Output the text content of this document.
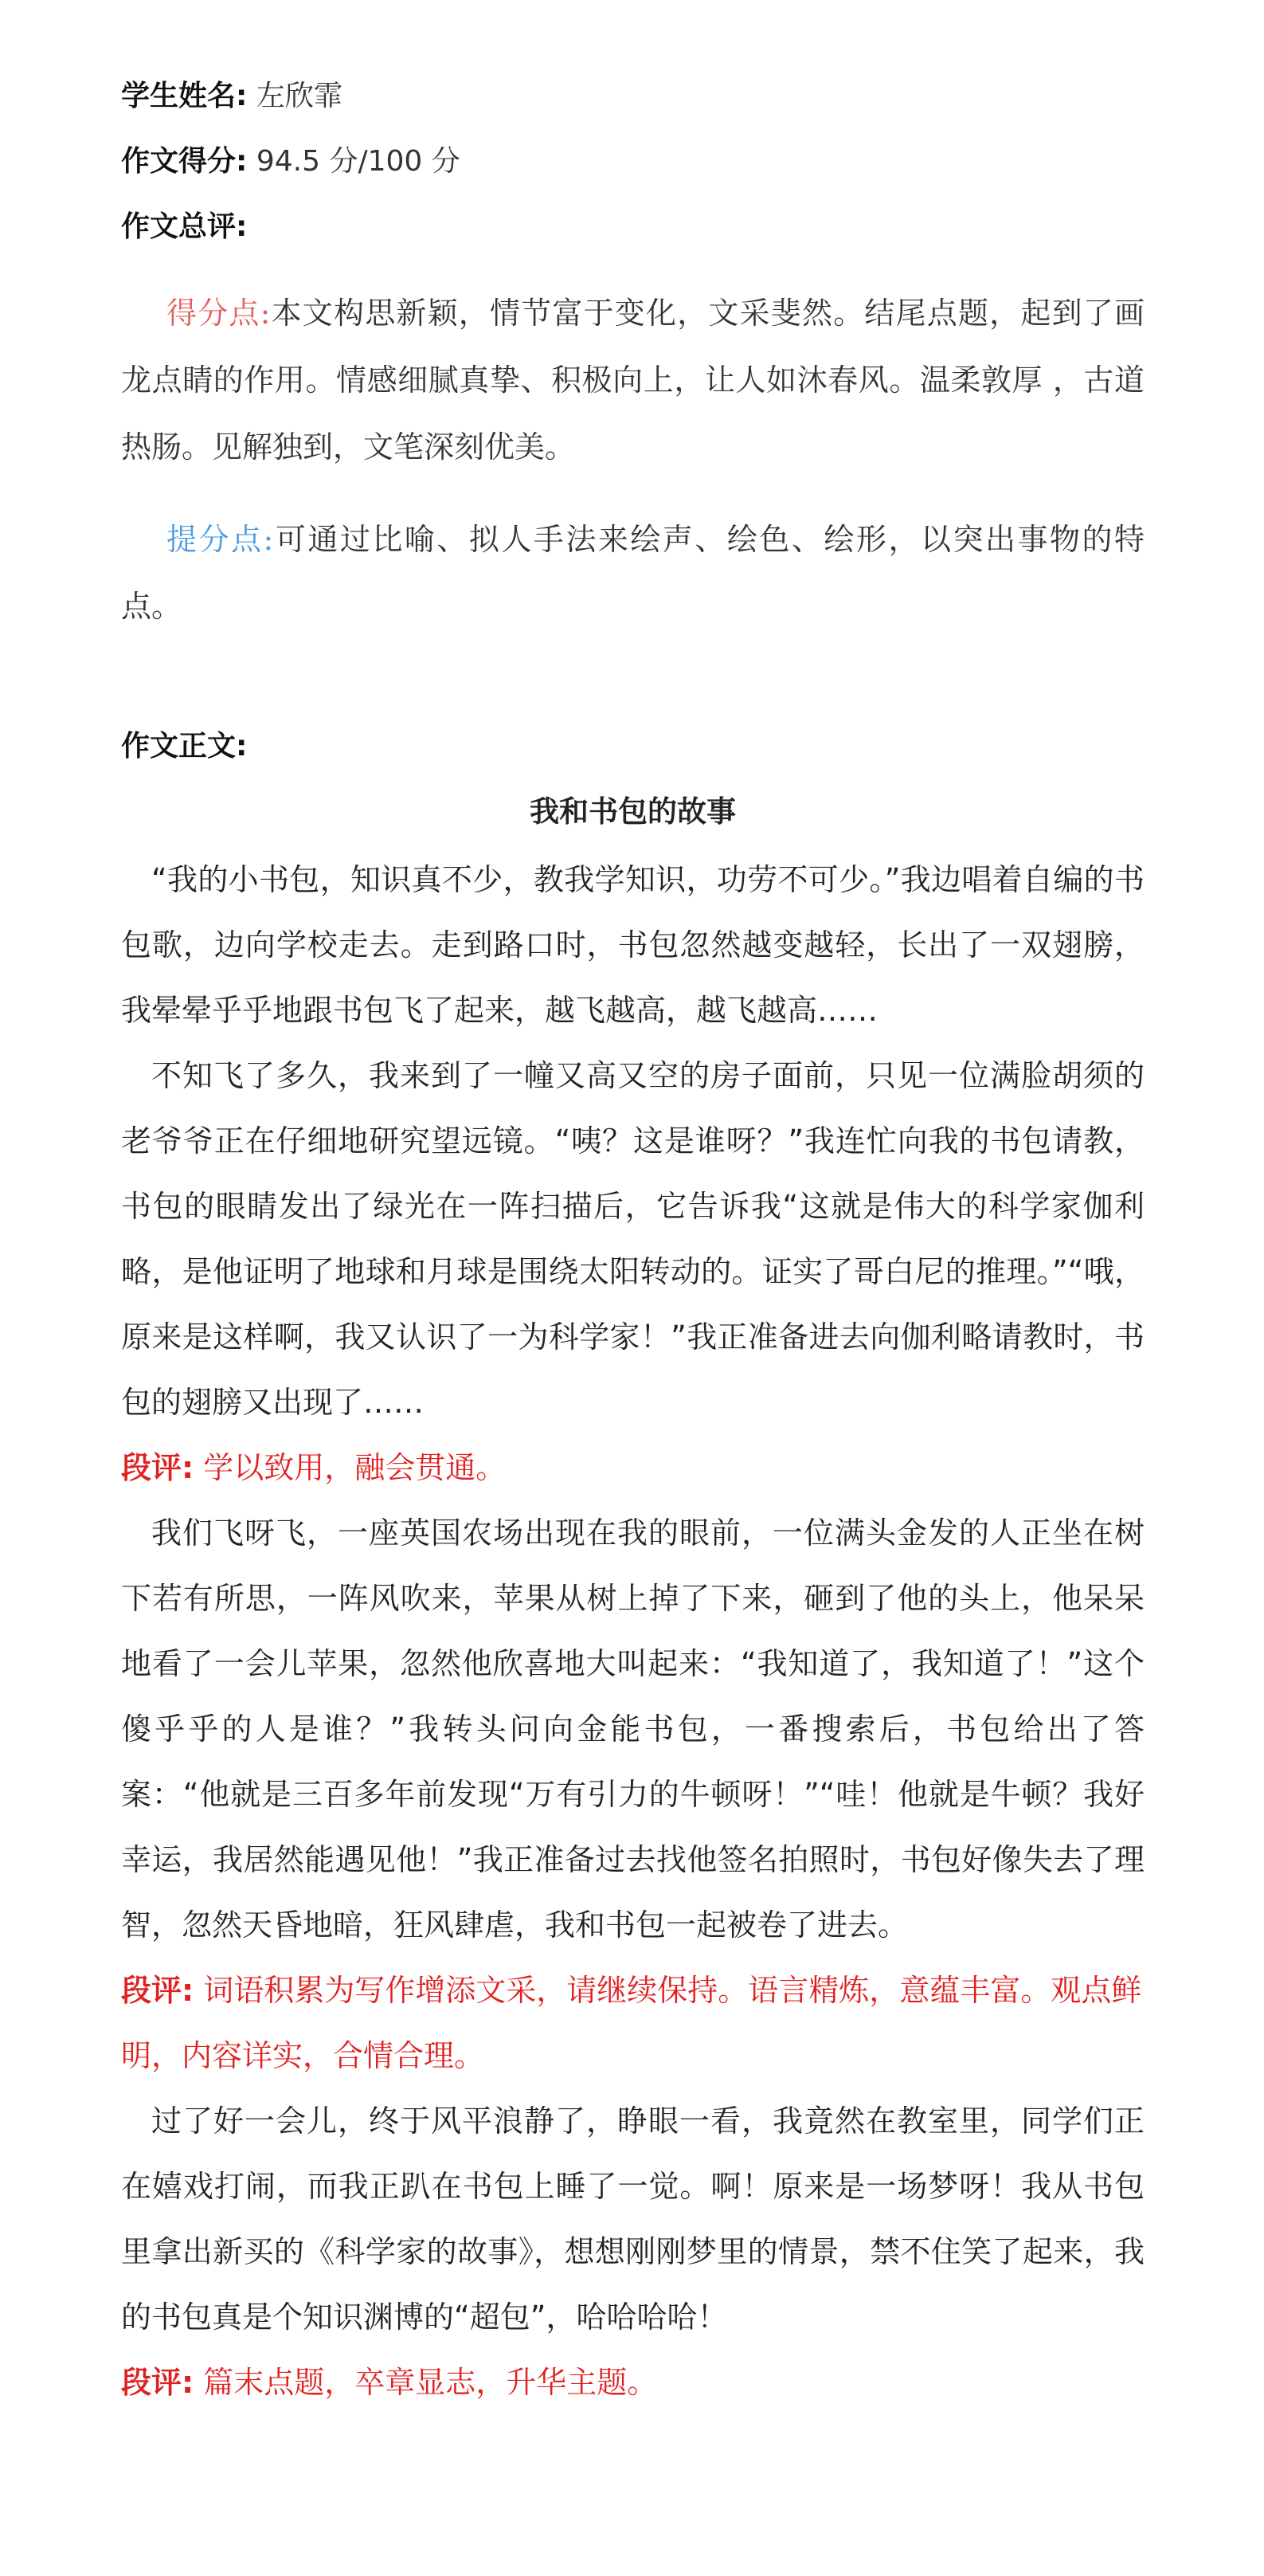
学生姓名: 左欣霏

作文得分: 94.5 分/100 分

作文总评:

得分点:本文构思新颖，情节富于变化，文采斐然。结尾点题，起到了画龙点睛的作用。情感细腻真挚、积极向上，让人如沐春风。温柔敦厚 ，古道热肠。见解独到，文笔深刻优美。

提分点:可通过比喻、拟人手法来绘声、绘色、绘形，以突出事物的特点。

作文正文:

我和书包的故事

“我的小书包，知识真不少，教我学知识，功劳不可少。”我边唱着自编的书包歌，边向学校走去。走到路口时，书包忽然越变越轻，长出了一双翅膀，我晕晕乎乎地跟书包飞了起来，越飞越高，越飞越高……

不知飞了多久，我来到了一幢又高又空的房子面前，只见一位满脸胡须的老爷爷正在仔细地研究望远镜。“咦？这是谁呀？”我连忙向我的书包请教，书包的眼睛发出了绿光在一阵扫描后，它告诉我“这就是伟大的科学家伽利略，是他证明了地球和月球是围绕太阳转动的。证实了哥白尼的推理。”“哦，原来是这样啊，我又认识了一为科学家！”我正准备进去向伽利略请教时，书包的翅膀又出现了……

段评: 学以致用，融会贯通。

我们飞呀飞，一座英国农场出现在我的眼前，一位满头金发的人正坐在树下若有所思，一阵风吹来，苹果从树上掉了下来，砸到了他的头上，他呆呆地看了一会儿苹果，忽然他欣喜地大叫起来：“我知道了，我知道了！”这个傻乎乎的人是谁？”我转头问向金能书包，一番搜索后，书包给出了答案：“他就是三百多年前发现“万有引力的牛顿呀！”“哇！他就是牛顿？我好幸运，我居然能遇见他！”我正准备过去找他签名拍照时，书包好像失去了理智，忽然天昏地暗，狂风肆虐，我和书包一起被卷了进去。

段评: 词语积累为写作增添文采，请继续保持。语言精炼，意蕴丰富。观点鲜明，内容详实，合情合理。

过了好一会儿，终于风平浪静了，睁眼一看，我竟然在教室里，同学们正在嬉戏打闹，而我正趴在书包上睡了一觉。啊！原来是一场梦呀！我从书包里拿出新买的《科学家的故事》，想想刚刚梦里的情景，禁不住笑了起来，我的书包真是个知识渊博的“超包”，哈哈哈哈！

段评: 篇末点题，卒章显志，升华主题。
